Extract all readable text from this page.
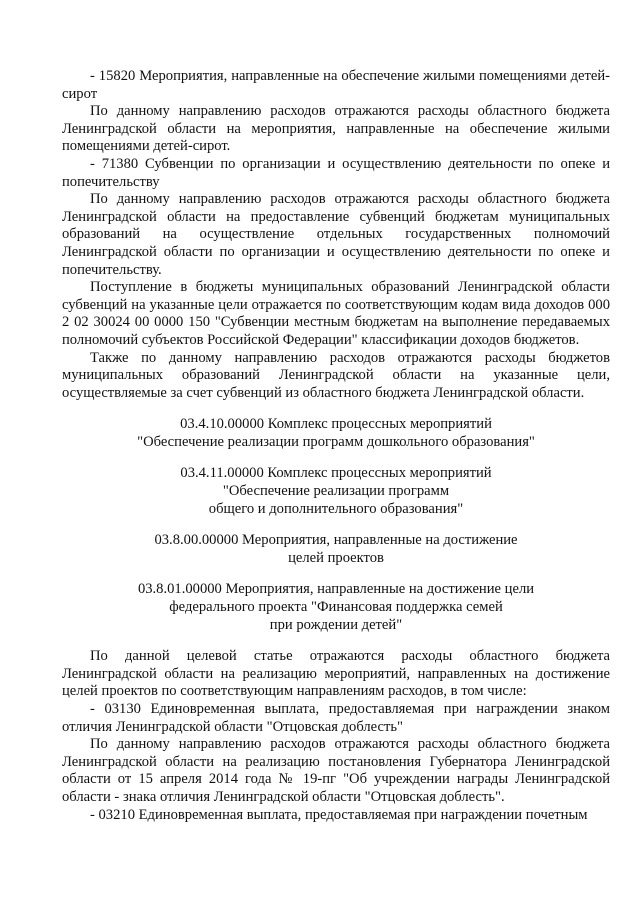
- 15820 Мероприятия, направленные на обеспечение жилыми помещениями детей-сирот

По данному направлению расходов отражаются расходы областного бюджета Ленинградской области на мероприятия, направленные на обеспечение жилыми помещениями детей-сирот.

- 71380 Субвенции по организации и осуществлению деятельности по опеке и попечительству

По данному направлению расходов отражаются расходы областного бюджета Ленинградской области на предоставление субвенций бюджетам муниципальных образований на осуществление отдельных государственных полномочий Ленинградской области по организации и осуществлению деятельности по опеке и попечительству.

Поступление в бюджеты муниципальных образований Ленинградской области субвенций на указанные цели отражается по соответствующим кодам вида доходов 000 2 02 30024 00 0000 150 "Субвенции местным бюджетам на выполнение передаваемых полномочий субъектов Российской Федерации" классификации доходов бюджетов.

Также по данному направлению расходов отражаются расходы бюджетов муниципальных образований Ленинградской области на указанные цели, осуществляемые за счет субвенций из областного бюджета Ленинградской области.

03.4.10.00000 Комплекс процессных мероприятий

"Обеспечение реализации программ дошкольного образования"

03.4.11.00000 Комплекс процессных мероприятий

"Обеспечение реализации программ

общего и дополнительного образования"

03.8.00.00000 Мероприятия, направленные на достижение

целей проектов

03.8.01.00000 Мероприятия, направленные на достижение цели

федерального проекта "Финансовая поддержка семей

при рождении детей"

По данной целевой статье отражаются расходы областного бюджета Ленинградской области на реализацию мероприятий, направленных на достижение целей проектов по соответствующим направлениям расходов, в том числе:

- 03130 Единовременная выплата, предоставляемая при награждении знаком отличия Ленинградской области "Отцовская доблесть"

По данному направлению расходов отражаются расходы областного бюджета Ленинградской области на реализацию постановления Губернатора Ленинградской области от 15 апреля 2014 года № 19-пг "Об учреждении награды Ленинградской области - знака отличия Ленинградской области "Отцовская доблесть".

- 03210 Единовременная выплата, предоставляемая при награждении почетным
